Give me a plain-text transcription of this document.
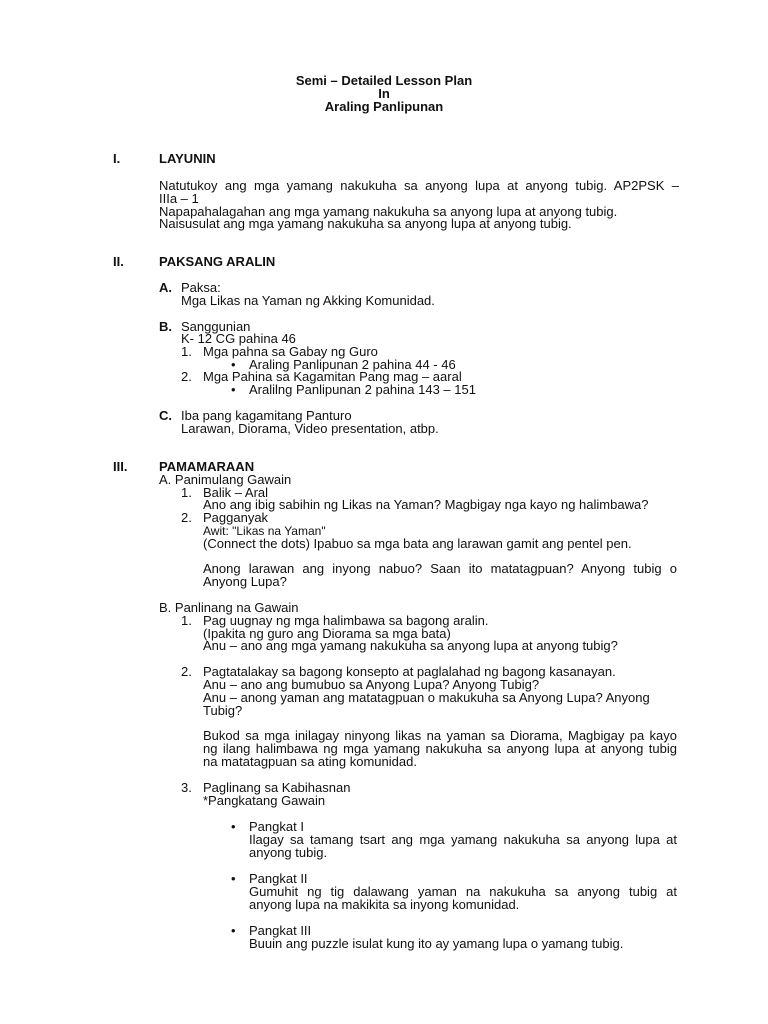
Semi – Detailed Lesson Plan
In
Araling Panlipunan
I.	LAYUNIN
Natutukoy ang mga yamang nakukuha sa anyong lupa at anyong tubig. AP2PSK –
IIIa – 1
Napapahalagahan ang mga yamang nakukuha sa anyong lupa at anyong tubig.
Naisusulat ang mga yamang nakukuha sa anyong lupa at anyong tubig.
II.	PAKSANG ARALIN
A. Paksa:
Mga Likas na Yaman ng Akking Komunidad.
B. Sanggunian
K- 12 CG pahina 46
1. Mga pahna sa Gabay ng Guro
• Araling Panlipunan 2 pahina 44 - 46
2. Mga Pahina sa Kagamitan Pang mag – aaral
• Aralilng Panlipunan 2 pahina 143 – 151
C. Iba pang kagamitang Panturo
Larawan, Diorama, Video presentation, atbp.
III. PAMAMARAAN
A. Panimulang Gawain
1. Balik – Aral
Ano ang ibig sabihin ng Likas na Yaman? Magbigay nga kayo ng halimbawa?
2. Pagganyak
Awit: "Likas na Yaman"
(Connect the dots) Ipabuo sa mga bata ang larawan gamit ang pentel pen.
Anong larawan ang inyong nabuo? Saan ito matatagpuan? Anyong tubig o
Anyong Lupa?
B. Panlinang na Gawain
1. Pag uugnay ng mga halimbawa sa bagong aralin.
(Ipakita ng guro ang Diorama sa mga bata)
Anu – ano ang mga yamang nakukuha sa anyong lupa at anyong tubig?
2. Pagtatalakay sa bagong konsepto at paglalahad ng bagong kasanayan.
Anu – ano ang bumubuo sa Anyong Lupa? Anyong Tubig?
Anu – anong yaman ang matatagpuan o makukuha sa Anyong Lupa? Anyong
Tubig?
Bukod sa mga inilagay ninyong likas na yaman sa Diorama, Magbigay pa kayo
ng ilang halimbawa ng mga yamang nakukuha sa anyong lupa at anyong tubig
na matatagpuan sa ating komunidad.
3. Paglinang sa Kabihasnan
*Pangkatang Gawain
• Pangkat I
Ilagay sa tamang tsart ang mga yamang nakukuha sa anyong lupa at
anyong tubig.
• Pangkat II
Gumuhit ng tig dalawang yaman na nakukuha sa anyong tubig at
anyong lupa na makikita sa inyong komunidad.
• Pangkat III
Buuin ang puzzle isulat kung ito ay yamang lupa o yamang tubig.
